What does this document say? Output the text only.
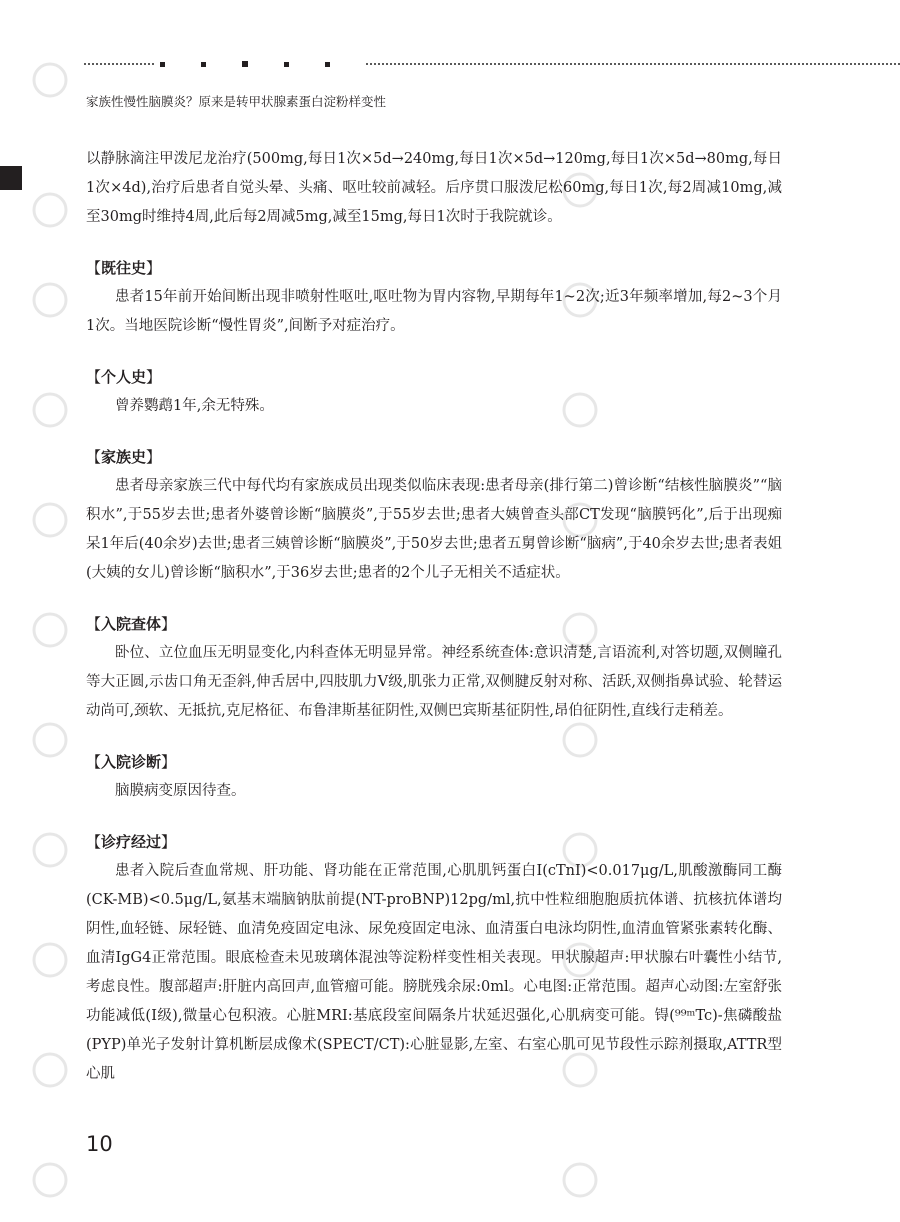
家族性慢性脑膜炎？原来是转甲状腺素蛋白淀粉样变性

以静脉滴注甲泼尼龙治疗(500mg,每日1次×5d→240mg,每日1次×5d→120mg,每日1次×5d→80mg,每日1次×4d),治疗后患者自觉头晕、头痛、呕吐较前减轻。后序贯口服泼尼松60mg,每日1次,每2周减10mg,减至30mg时维持4周,此后每2周减5mg,减至15mg,每日1次时于我院就诊。

【既往史】

患者15年前开始间断出现非喷射性呕吐,呕吐物为胃内容物,早期每年1~2次;近3年频率增加,每2~3个月1次。当地医院诊断“慢性胃炎”,间断予对症治疗。

【个人史】

曾养鹦鹉1年,余无特殊。

【家族史】

患者母亲家族三代中每代均有家族成员出现类似临床表现:患者母亲(排行第二)曾诊断“结核性脑膜炎”“脑积水”,于55岁去世;患者外婆曾诊断“脑膜炎”,于55岁去世;患者大姨曾查头部CT发现“脑膜钙化”,后于出现痴呆1年后(40余岁)去世;患者三姨曾诊断“脑膜炎”,于50岁去世;患者五舅曾诊断“脑病”,于40余岁去世;患者表姐(大姨的女儿)曾诊断“脑积水”,于36岁去世;患者的2个儿子无相关不适症状。

【入院查体】

卧位、立位血压无明显变化,内科查体无明显异常。神经系统查体:意识清楚,言语流利,对答切题,双侧瞳孔等大正圆,示齿口角无歪斜,伸舌居中,四肢肌力V级,肌张力正常,双侧腱反射对称、活跃,双侧指鼻试验、轮替运动尚可,颈软、无抵抗,克尼格征、布鲁津斯基征阴性,双侧巴宾斯基征阴性,昂伯征阴性,直线行走稍差。

【入院诊断】

脑膜病变原因待查。

【诊疗经过】

患者入院后查血常规、肝功能、肾功能在正常范围,心肌肌钙蛋白I(cTnI)<0.017μg/L,肌酸激酶同工酶(CK-MB)<0.5μg/L,氨基末端脑钠肽前提(NT-proBNP)12pg/ml,抗中性粒细胞胞质抗体谱、抗核抗体谱均阴性,血轻链、尿轻链、血清免疫固定电泳、尿免疫固定电泳、血清蛋白电泳均阴性,血清血管紧张素转化酶、血清IgG4正常范围。眼底检查未见玻璃体混浊等淀粉样变性相关表现。甲状腺超声:甲状腺右叶囊性小结节,考虑良性。腹部超声:肝脏内高回声,血管瘤可能。膀胱残余尿:0ml。心电图:正常范围。超声心动图:左室舒张功能减低(Ⅰ级),微量心包积液。心脏MRI:基底段室间隔条片状延迟强化,心肌病变可能。锝(⁹⁹ᵐTc)-焦磷酸盐(PYP)单光子发射计算机断层成像术(SPECT/CT):心脏显影,左室、右室心肌可见节段性示踪剂摄取,ATTR型心肌

10
